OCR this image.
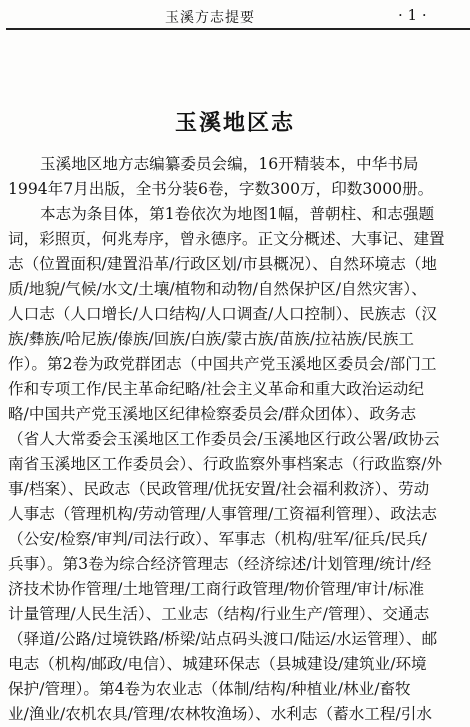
玉溪方志提要	· 1 ·
玉溪地区志
玉溪地区地方志编纂委员会编，16开精装本，中华书局
1994年7月出版，全书分装6卷，字数300万，印数3000册。
本志为条目体，第1卷依次为地图1幅，普朝柱、和志强题
词，彩照页，何兆寿序，曾永德序。正文分概述、大事记、建置
志（位置面积/建置沿革/行政区划/市县概况）、自然环境志（地
质/地貌/气候/水文/土壤/植物和动物/自然保护区/自然灾害）、
人口志（人口增长/人口结构/人口调查/人口控制）、民族志（汉
族/彝族/哈尼族/傣族/回族/白族/蒙古族/苗族/拉祜族/民族工
作）。第2卷为政党群团志（中国共产党玉溪地区委员会/部门工
作和专项工作/民主革命纪略/社会主义革命和重大政治运动纪
略/中国共产党玉溪地区纪律检察委员会/群众团体）、政务志
（省人大常委会玉溪地区工作委员会/玉溪地区行政公署/政协云
南省玉溪地区工作委员会）、行政监察外事档案志（行政监察/外
事/档案）、民政志（民政管理/优抚安置/社会福利救济）、劳动
人事志（管理机构/劳动管理/人事管理/工资福利管理）、政法志
（公安/检察/审判/司法行政）、军事志（机构/驻军/征兵/民兵/
兵事）。第3卷为综合经济管理志（经济综述/计划管理/统计/经
济技术协作管理/土地管理/工商行政管理/物价管理/审计/标准
计量管理/人民生活）、工业志（结构/行业生产/管理）、交通志
（驿道/公路/过境铁路/桥梁/站点码头渡口/陆运/水运管理）、邮
电志（机构/邮政/电信）、城建环保志（县城建设/建筑业/环境
保护/管理）。第4卷为农业志（体制/结构/种植业/林业/畜牧
业/渔业/农机农具/管理/农林牧渔场）、水利志（蓄水工程/引水
